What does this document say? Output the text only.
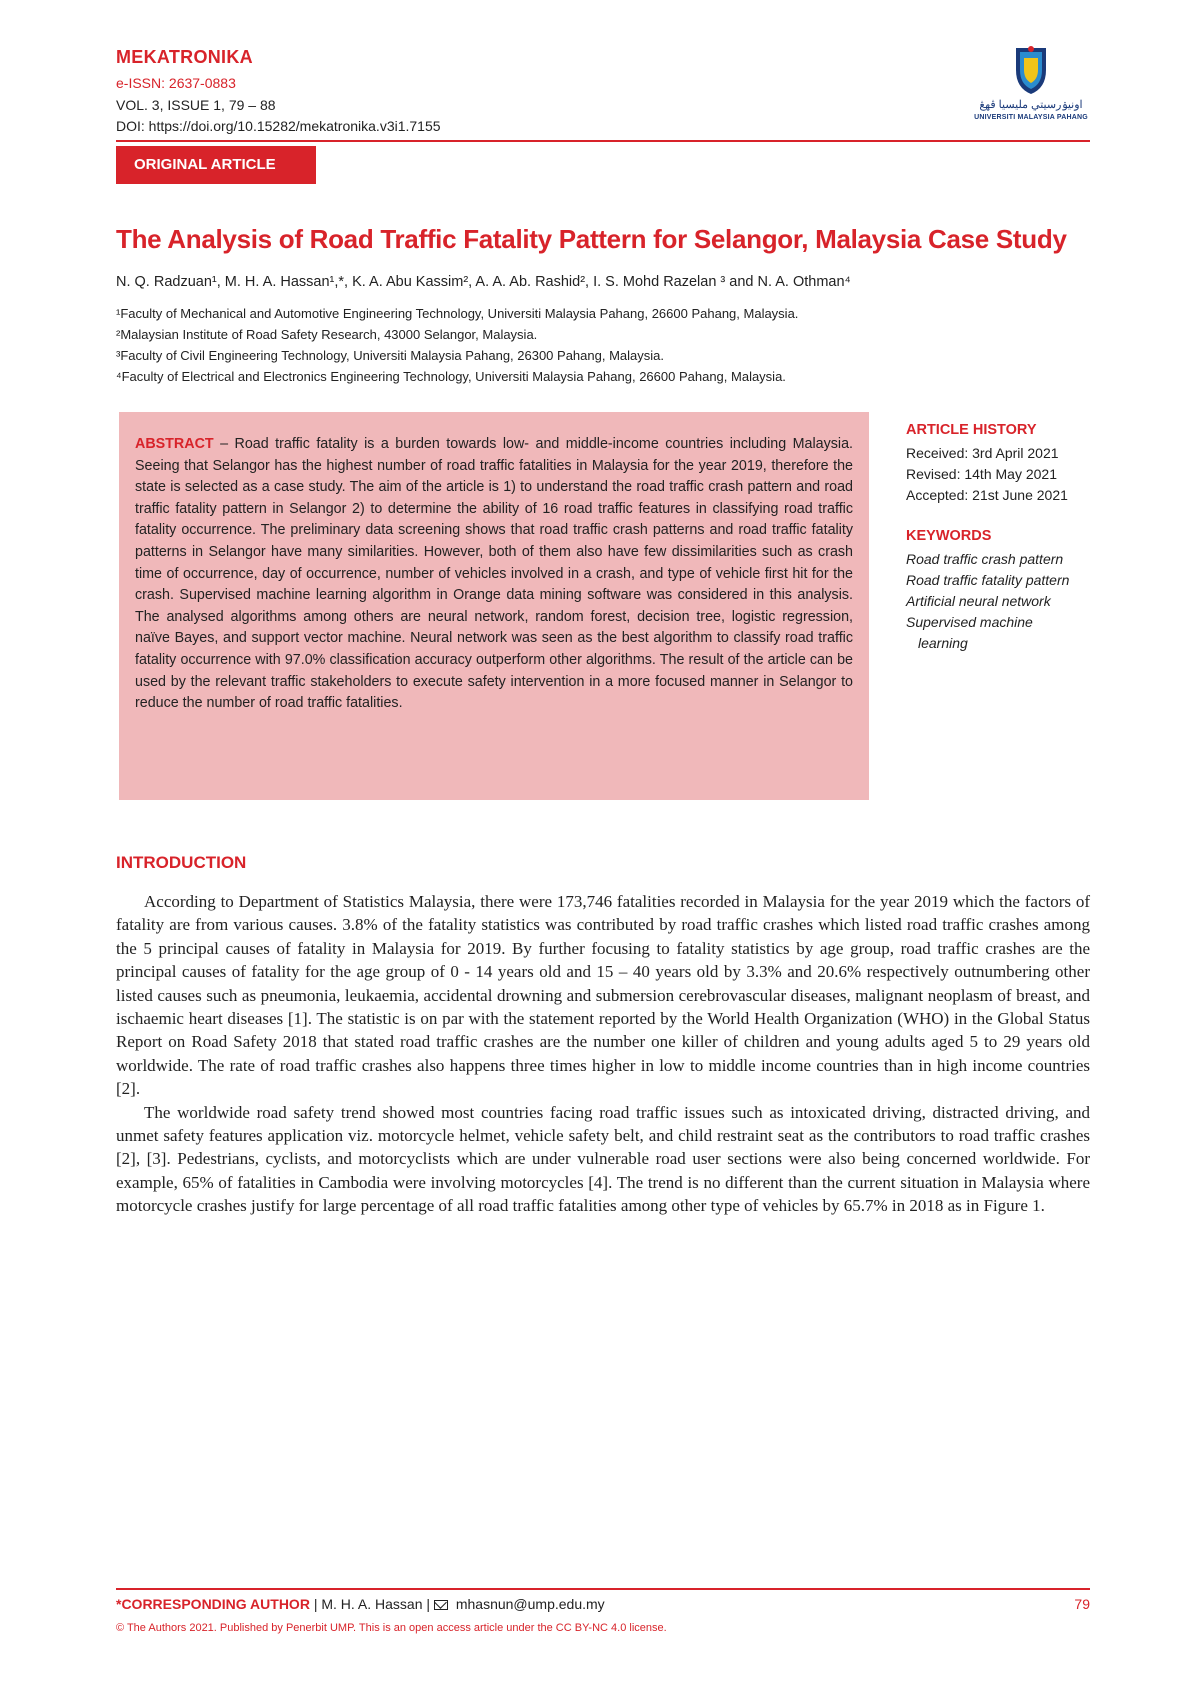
MEKATRONIKA
e-ISSN: 2637-0883
VOL. 3, ISSUE 1, 79 – 88
DOI: https://doi.org/10.15282/mekatronika.v3i1.7155
ORIGINAL ARTICLE
اونيۏرسيتي مليسيا ڤهڠ
UNIVERSITI MALAYSIA PAHANG
The Analysis of Road Traffic Fatality Pattern for Selangor, Malaysia Case Study
N. Q. Radzuan¹, M. H. A. Hassan¹,*, K. A. Abu Kassim², A. A. Ab. Rashid², I. S. Mohd Razelan ³ and N. A. Othman⁴
¹Faculty of Mechanical and Automotive Engineering Technology, Universiti Malaysia Pahang, 26600 Pahang, Malaysia.
²Malaysian Institute of Road Safety Research, 43000 Selangor, Malaysia.
³Faculty of Civil Engineering Technology, Universiti Malaysia Pahang, 26300 Pahang, Malaysia.
⁴Faculty of Electrical and Electronics Engineering Technology, Universiti Malaysia Pahang, 26600 Pahang, Malaysia.
ABSTRACT – Road traffic fatality is a burden towards low- and middle-income countries including Malaysia. Seeing that Selangor has the highest number of road traffic fatalities in Malaysia for the year 2019, therefore the state is selected as a case study. The aim of the article is 1) to understand the road traffic crash pattern and road traffic fatality pattern in Selangor 2) to determine the ability of 16 road traffic features in classifying road traffic fatality occurrence. The preliminary data screening shows that road traffic crash patterns and road traffic fatality patterns in Selangor have many similarities. However, both of them also have few dissimilarities such as crash time of occurrence, day of occurrence, number of vehicles involved in a crash, and type of vehicle first hit for the crash. Supervised machine learning algorithm in Orange data mining software was considered in this analysis. The analysed algorithms among others are neural network, random forest, decision tree, logistic regression, naïve Bayes, and support vector machine. Neural network was seen as the best algorithm to classify road traffic fatality occurrence with 97.0% classification accuracy outperform other algorithms. The result of the article can be used by the relevant traffic stakeholders to execute safety intervention in a more focused manner in Selangor to reduce the number of road traffic fatalities.
ARTICLE HISTORY
Received: 3rd April 2021
Revised: 14th May 2021
Accepted: 21st June 2021
KEYWORDS
Road traffic crash pattern
Road traffic fatality pattern
Artificial neural network
Supervised machine
learning
INTRODUCTION

According to Department of Statistics Malaysia, there were 173,746 fatalities recorded in Malaysia for the year 2019 which the factors of fatality are from various causes. 3.8% of the fatality statistics was contributed by road traffic crashes which listed road traffic crashes among the 5 principal causes of fatality in Malaysia for 2019. By further focusing to fatality statistics by age group, road traffic crashes are the principal causes of fatality for the age group of 0 - 14 years old and 15 – 40 years old by 3.3% and 20.6% respectively outnumbering other listed causes such as pneumonia, leukaemia, accidental drowning and submersion cerebrovascular diseases, malignant neoplasm of breast, and ischaemic heart diseases [1]. The statistic is on par with the statement reported by the World Health Organization (WHO) in the Global Status Report on Road Safety 2018 that stated road traffic crashes are the number one killer of children and young adults aged 5 to 29 years old worldwide. The rate of road traffic crashes also happens three times higher in low to middle income countries than in high income countries [2].

The worldwide road safety trend showed most countries facing road traffic issues such as intoxicated driving, distracted driving, and unmet safety features application viz. motorcycle helmet, vehicle safety belt, and child restraint seat as the contributors to road traffic crashes [2], [3]. Pedestrians, cyclists, and motorcyclists which are under vulnerable road user sections were also being concerned worldwide. For example, 65% of fatalities in Cambodia were involving motorcycles [4]. The trend is no different than the current situation in Malaysia where motorcycle crashes justify for large percentage of all road traffic fatalities among other type of vehicles by 65.7% in 2018 as in Figure 1.

*CORRESPONDING AUTHOR | M. H. A. Hassan |  mhasnun@ump.edu.my	79
© The Authors 2021. Published by Penerbit UMP. This is an open access article under the CC BY-NC 4.0 license.
